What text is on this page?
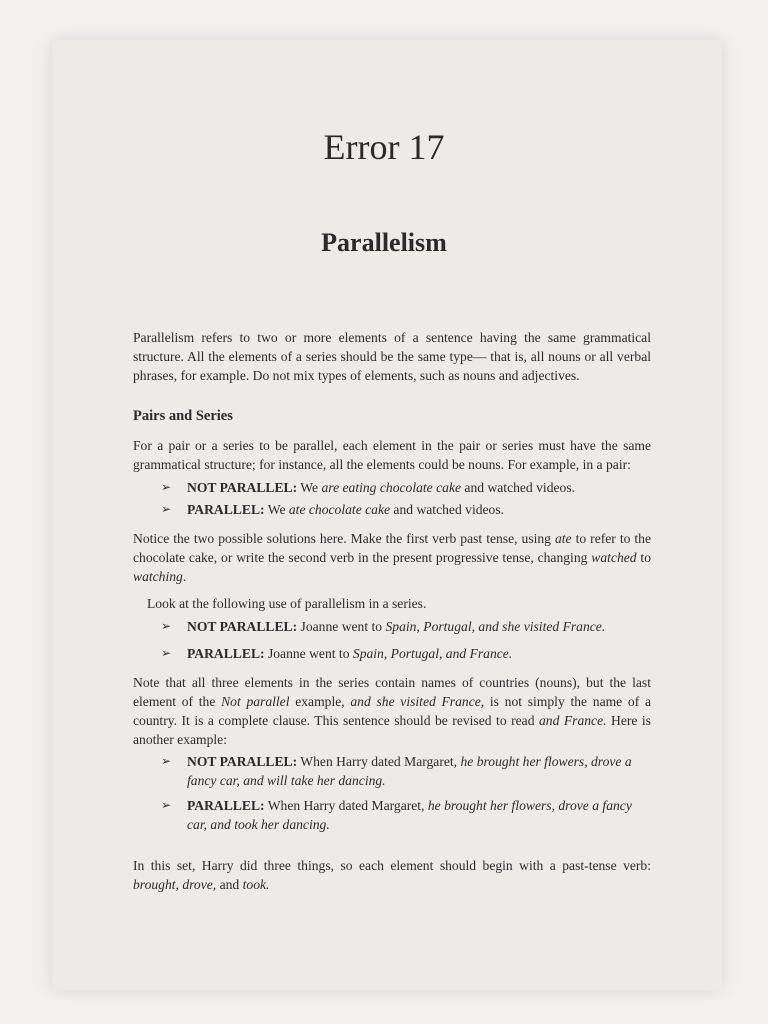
Error 17
Parallelism

Parallelism refers to two or more elements of a sentence having the same grammatical structure. All the elements of a series should be the same type— that is, all nouns or all verbal phrases, for example. Do not mix types of elements, such as nouns and adjectives.

Pairs and Series

For a pair or a series to be parallel, each element in the pair or series must have the same grammatical structure; for instance, all the elements could be nouns. For example, in a pair:

➢ NOT PARALLEL: We are eating chocolate cake and watched videos.
➢ PARALLEL: We ate chocolate cake and watched videos.

Notice the two possible solutions here. Make the first verb past tense, using ate to refer to the chocolate cake, or write the second verb in the present progressive tense, changing watched to watching.

Look at the following use of parallelism in a series.

➢ NOT PARALLEL: Joanne went to Spain, Portugal, and she visited France.
➢ PARALLEL: Joanne went to Spain, Portugal, and France.

Note that all three elements in the series contain names of countries (nouns), but the last element of the Not parallel example, and she visited France, is not simply the name of a country. It is a complete clause. This sentence should be revised to read and France. Here is another example:

➢ NOT PARALLEL: When Harry dated Margaret, he brought her flowers, drove a fancy car, and will take her dancing.
➢ PARALLEL: When Harry dated Margaret, he brought her flowers, drove a fancy car, and took her dancing.

In this set, Harry did three things, so each element should begin with a past-tense verb: brought, drove, and took.
